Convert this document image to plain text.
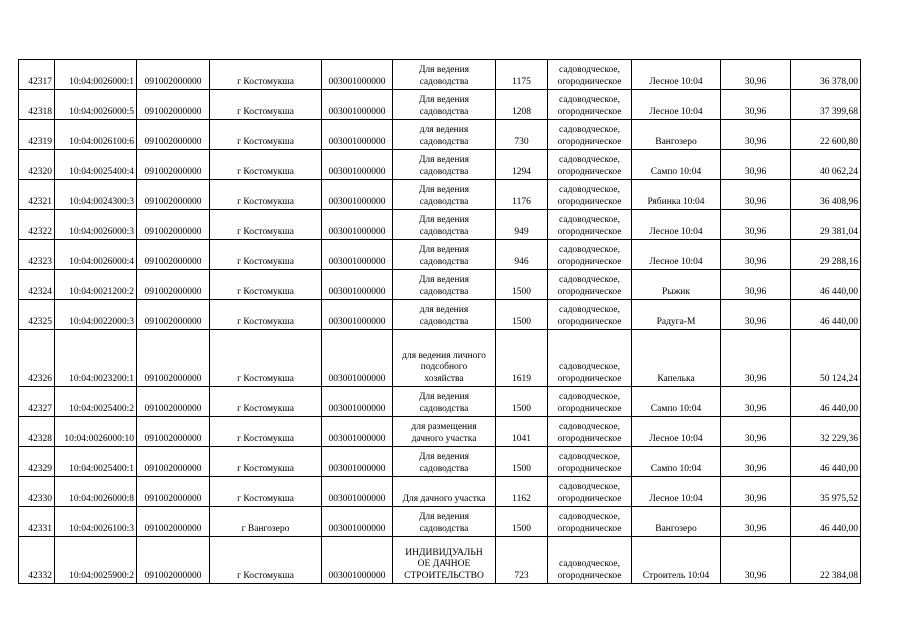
42317	10:04:0026000:1	091002000000	г Костомукша	003001000000	Для ведения
садоводства	1175	садоводческое,
огородническое	Лесное 10:04	30,96	36 378,00
42318	10:04:0026000:5	091002000000	г Костомукша	003001000000	Для ведения
садоводства	1208	садоводческое,
огородническое	Лесное 10:04	30,96	37 399,68
42319	10:04:0026100:6	091002000000	г Костомукша	003001000000	для ведения
садоводства	730	садоводческое,
огородническое	Вангозеро	30,96	22 600,80
42320	10:04:0025400:4	091002000000	г Костомукша	003001000000	Для ведения
садоводства	1294	садоводческое,
огородническое	Сампо 10:04	30,96	40 062,24
42321	10:04:0024300:3	091002000000	г Костомукша	003001000000	Для ведения
садоводства	1176	садоводческое,
огородническое	Рябинка 10:04	30,96	36 408,96
42322	10:04:0026000:3	091002000000	г Костомукша	003001000000	Для ведения
садоводства	949	садоводческое,
огородническое	Лесное 10:04	30,96	29 381,04
42323	10:04:0026000:4	091002000000	г Костомукша	003001000000	Для ведения
садоводства	946	садоводческое,
огородническое	Лесное 10:04	30,96	29 288,16
42324	10:04:0021200:2	091002000000	г Костомукша	003001000000	Для ведения
садоводства	1500	садоводческое,
огородническое	Рыжик	30,96	46 440,00
42325	10:04:0022000:3	091002000000	г Костомукша	003001000000	для ведения
садоводства	1500	садоводческое,
огородническое	Радуга-М	30,96	46 440,00
42326	10:04:0023200:1	091002000000	г Костомукша	003001000000	для ведения личного
подсобного
хозяйства	1619	садоводческое,
огородническое	Капелька	30,96	50 124,24
42327	10:04:0025400:2	091002000000	г Костомукша	003001000000	Для ведения
садоводства	1500	садоводческое,
огородническое	Сампо 10:04	30,96	46 440,00
42328	10:04:0026000:10	091002000000	г Костомукша	003001000000	для размещения
дачного участка	1041	садоводческое,
огородническое	Лесное 10:04	30,96	32 229,36
42329	10:04:0025400:1	091002000000	г Костомукша	003001000000	Для ведения
садоводства	1500	садоводческое,
огородническое	Сампо 10:04	30,96	46 440,00
42330	10:04:0026000:8	091002000000	г Костомукша	003001000000	Для дачного участка	1162	садоводческое,
огородническое	Лесное 10:04	30,96	35 975,52
42331	10:04:0026100:3	091002000000	г Вангозеро	003001000000	Для ведения
садоводства	1500	садоводческое,
огородническое	Вангозеро	30,96	46 440,00
42332	10:04:0025900:2	091002000000	г Костомукша	003001000000	ИНДИВИДУАЛЬН
ОЕ ДАЧНОЕ
СТРОИТЕЛЬСТВО	723	садоводческое,
огородническое	Строитель 10:04	30,96	22 384,08
